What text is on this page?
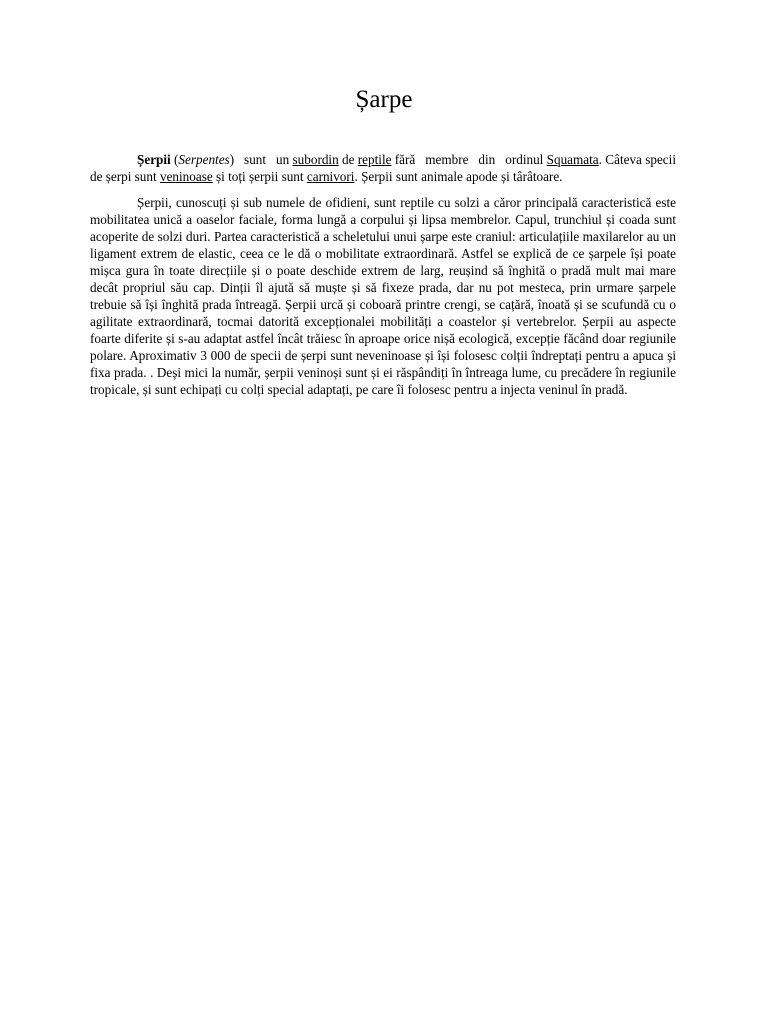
Șarpe

Șerpii (Serpentes)   sunt   un subordin de reptile fără   membre   din   ordinul Squamata. Câteva specii de șerpi sunt veninoase și toți șerpii sunt carnivori. Șerpii sunt animale apode și târâtoare.

Șerpii, cunoscuți și sub numele de ofidieni, sunt reptile cu solzi a căror principală caracteristică este mobilitatea unică a oaselor faciale, forma lungă a corpului și lipsa membrelor. Capul, trunchiul și coada sunt acoperite de solzi duri. Partea caracteristică a scheletului unui șarpe este craniul: articulațiile maxilarelor au un ligament extrem de elastic, ceea ce le dă o mobilitate extraordinară. Astfel se explică de ce șarpele își poate mișca gura în toate direcțiile și o poate deschide extrem de larg, reușind să înghită o pradă mult mai mare decât propriul său cap. Dinții îl ajută să muște și să fixeze prada, dar nu pot mesteca, prin urmare șarpele trebuie să își înghită prada întreagă. Șerpii urcă și coboară printre crengi, se cațără, înoată și se scufundă cu o agilitate extraordinară, tocmai datorită excepționalei mobilități a coastelor și vertebrelor. Șerpii au aspecte foarte diferite și s-au adaptat astfel încât trăiesc în aproape orice nișă ecologică, excepție făcând doar regiunile polare. Aproximativ 3 000 de specii de șerpi sunt neveninoase și își folosesc colții îndreptați pentru a apuca și fixa prada. . Deși mici la număr, șerpii veninoși sunt și ei răspândiți în întreaga lume, cu precădere în regiunile tropicale, și sunt echipați cu colți special adaptați, pe care îi folosesc pentru a injecta veninul în pradă.
